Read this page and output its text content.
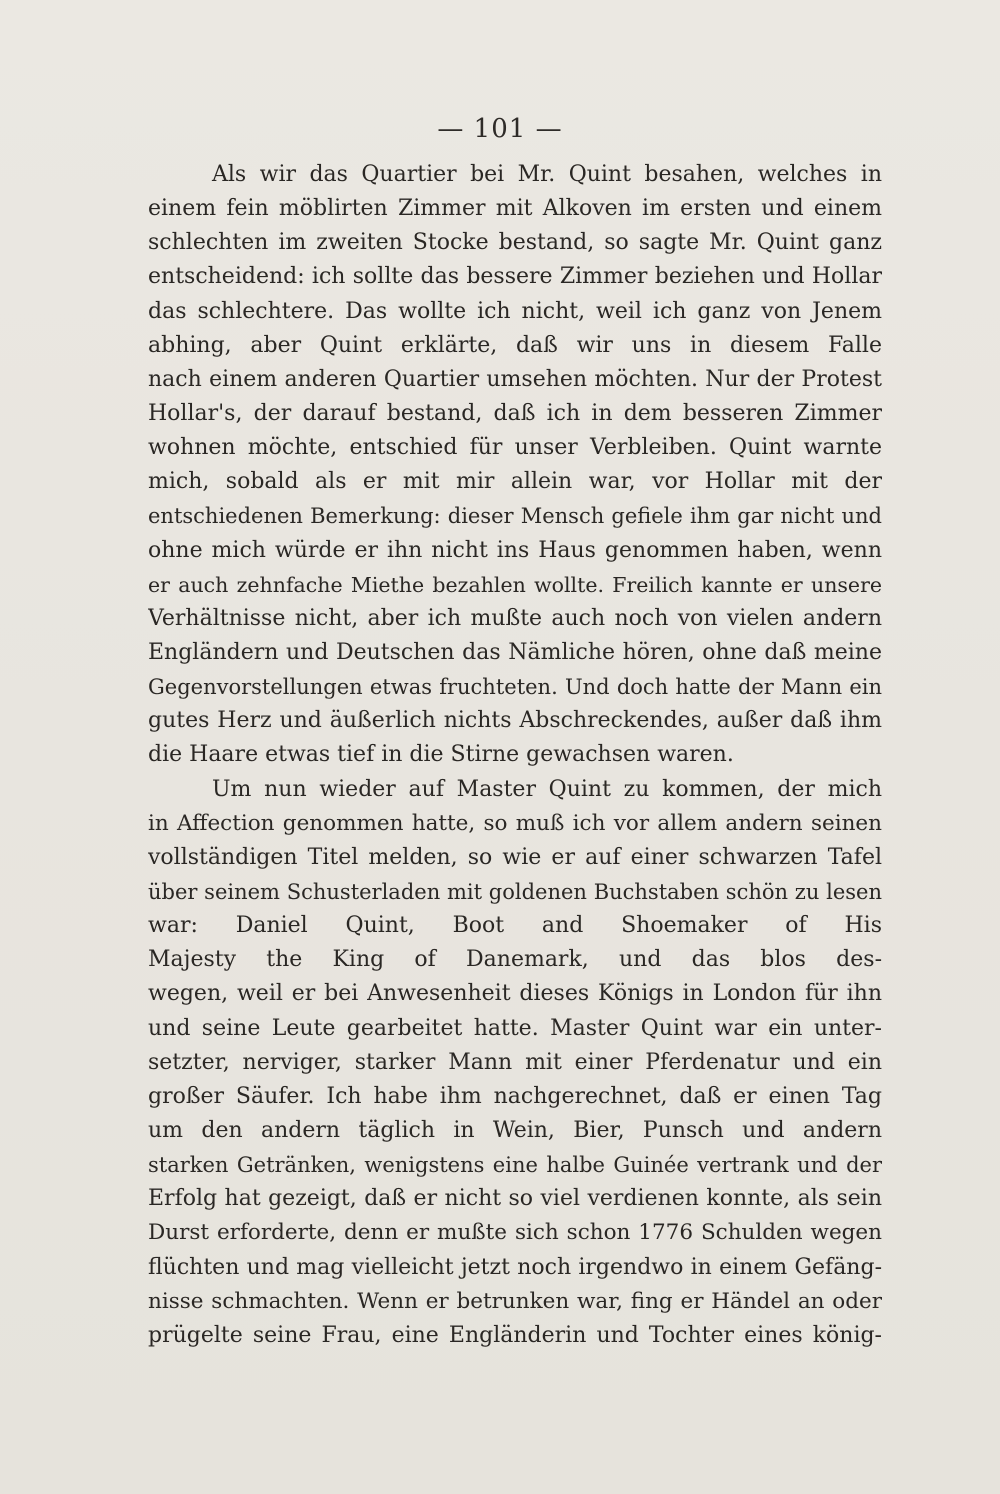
— 101 —
Als wir das Quartier bei Mr. Quint besahen, welches in
einem fein möblirten Zimmer mit Alkoven im ersten und einem
schlechten im zweiten Stocke bestand, so sagte Mr. Quint ganz
entscheidend: ich sollte das bessere Zimmer beziehen und Hollar
das schlechtere. Das wollte ich nicht, weil ich ganz von Jenem
abhing, aber Quint erklärte, daß wir uns in diesem Falle
nach einem anderen Quartier umsehen möchten. Nur der Protest
Hollar's, der darauf bestand, daß ich in dem besseren Zimmer
wohnen möchte, entschied für unser Verbleiben. Quint warnte
mich, sobald als er mit mir allein war, vor Hollar mit der
entschiedenen Bemerkung: dieser Mensch gefiele ihm gar nicht und
ohne mich würde er ihn nicht ins Haus genommen haben, wenn
er auch zehnfache Miethe bezahlen wollte. Freilich kannte er unsere
Verhältnisse nicht, aber ich mußte auch noch von vielen andern
Engländern und Deutschen das Nämliche hören, ohne daß meine
Gegenvorstellungen etwas fruchteten. Und doch hatte der Mann ein
gutes Herz und äußerlich nichts Abschreckendes, außer daß ihm
die Haare etwas tief in die Stirne gewachsen waren.
Um nun wieder auf Master Quint zu kommen, der mich
in Affection genommen hatte, so muß ich vor allem andern seinen
vollständigen Titel melden, so wie er auf einer schwarzen Tafel
über seinem Schusterladen mit goldenen Buchstaben schön zu lesen
war: Daniel Quint, Boot and Shoemaker of His
Majesty the King of Danemark, und das blos des-
wegen, weil er bei Anwesenheit dieses Königs in London für ihn
und seine Leute gearbeitet hatte. Master Quint war ein unter-
setzter, nerviger, starker Mann mit einer Pferdenatur und ein
großer Säufer. Ich habe ihm nachgerechnet, daß er einen Tag
um den andern täglich in Wein, Bier, Punsch und andern
starken Getränken, wenigstens eine halbe Guinée vertrank und der
Erfolg hat gezeigt, daß er nicht so viel verdienen konnte, als sein
Durst erforderte, denn er mußte sich schon 1776 Schulden wegen
flüchten und mag vielleicht jetzt noch irgendwo in einem Gefäng-
nisse schmachten. Wenn er betrunken war, fing er Händel an oder
prügelte seine Frau, eine Engländerin und Tochter eines könig-
